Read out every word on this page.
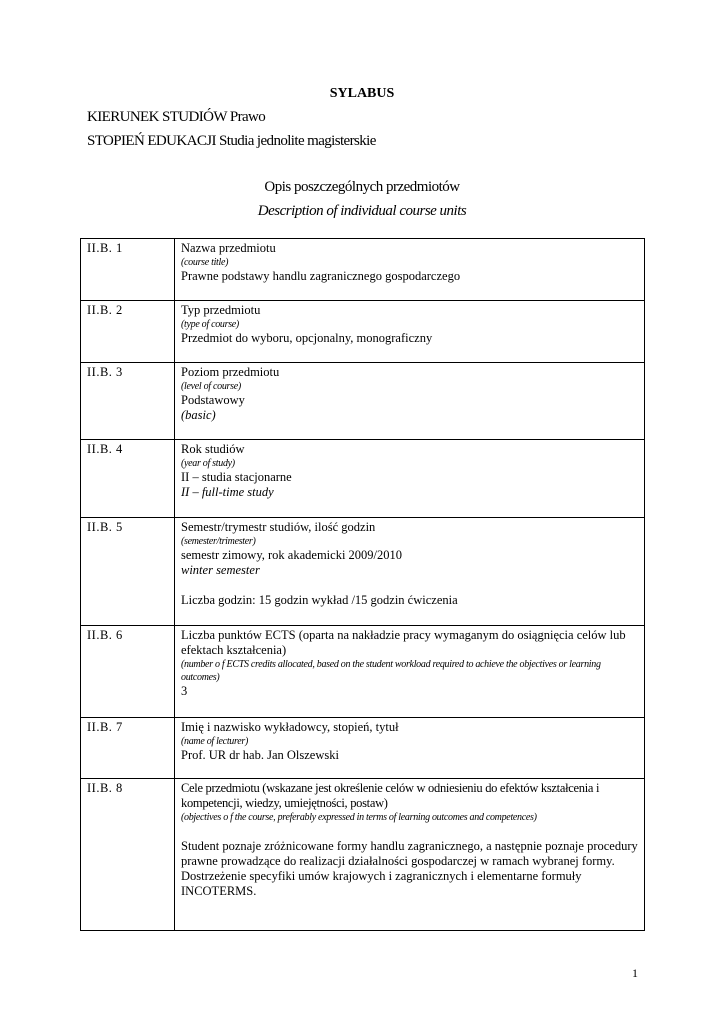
SYLABUS
KIERUNEK STUDIÓW Prawo
STOPIEŃ EDUKACJI Studia jednolite magisterskie
Opis poszczególnych przedmiotów
Description of individual course units
II.B. 1	Nazwa przedmiotu
(course title)
Prawne podstawy handlu zagranicznego gospodarczego

II.B. 2	Typ przedmiotu
(type of course)
Przedmiot do wyboru, opcjonalny, monograficzny

II.B. 3	Poziom przedmiotu
(level of course)
Podstawowy
(basic)

II.B. 4	Rok studiów
(year of study)
II – studia stacjonarne
II – full-time study

II.B. 5	Semestr/trymestr studiów, ilość godzin
(semester/trimester)
semestr zimowy, rok akademicki 2009/2010
winter semester
Liczba godzin: 15 godzin wykład /15 godzin ćwiczenia

II.B. 6	Liczba punktów ECTS (oparta na nakładzie pracy wymaganym do osiągnięcia celów lub efektach kształcenia)
(number o f ECTS credits allocated, based on the student workload required to achieve the objectives or learning outcomes)
3

II.B. 7	Imię i nazwisko wykładowcy, stopień, tytuł
(name of lecturer)
Prof. UR dr hab. Jan Olszewski

II.B. 8	Cele przedmiotu (wskazane jest określenie celów w odniesieniu do efektów kształcenia i kompetencji, wiedzy, umiejętności, postaw)
(objectives o f the course, preferably expressed in terms of learning outcomes and competences)
Student poznaje zróżnicowane formy handlu zagranicznego, a następnie poznaje procedury prawne prowadzące do realizacji działalności gospodarczej w ramach wybranej formy.
Dostrzeżenie specyfiki umów krajowych i zagranicznych i elementarne formuły INCOTERMS.
1
